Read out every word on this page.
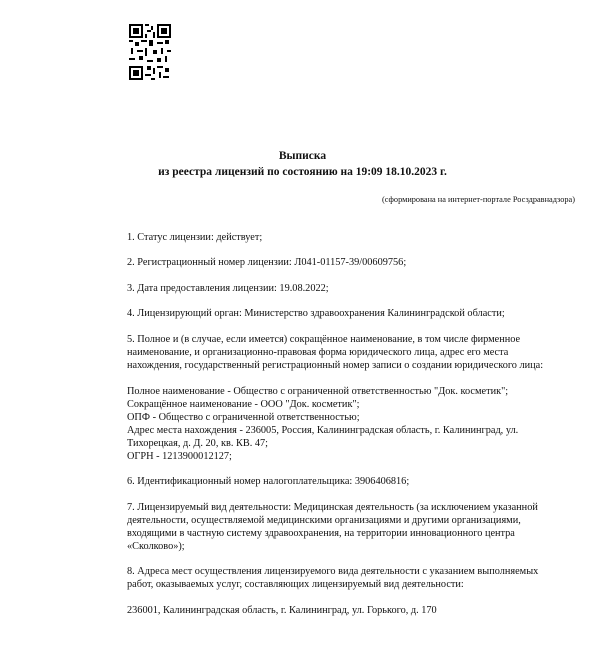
Выписка
из реестра лицензий по состоянию на 19:09 18.10.2023 г.
(сформирована на интернет-портале Росздравнадзора)
1. Статус лицензии: действует;
2. Регистрационный номер лицензии: Л041-01157-39/00609756;
3. Дата предоставления лицензии: 19.08.2022;
4. Лицензирующий орган: Министерство здравоохранения Калининградской области;
5. Полное и (в случае, если имеется) сокращённое наименование, в том числе фирменное
наименование, и организационно-правовая форма юридического лица, адрес его места
нахождения, государственный регистрационный номер записи о создании юридического лица:
Полное наименование - Общество с ограниченной ответственностью "Док. косметик";
Сокращённое наименование - ООО "Док. косметик";
ОПФ - Общество с ограниченной ответственностью;
Адрес места нахождения - 236005, Россия, Калининградская область, г. Калининград, ул.
Тихорецкая, д. Д. 20, кв. КВ. 47;
ОГРН - 1213900012127;
6. Идентификационный номер налогоплательщика: 3906406816;
7. Лицензируемый вид деятельности: Медицинская деятельность (за исключением указанной
деятельности, осуществляемой медицинскими организациями и другими организациями,
входящими в частную систему здравоохранения, на территории инновационного центра
«Сколково»);
8. Адреса мест осуществления лицензируемого вида деятельности с указанием выполняемых
работ, оказываемых услуг, составляющих лицензируемый вид деятельности:
236001, Калининградская область, г. Калининград, ул. Горького, д. 170
